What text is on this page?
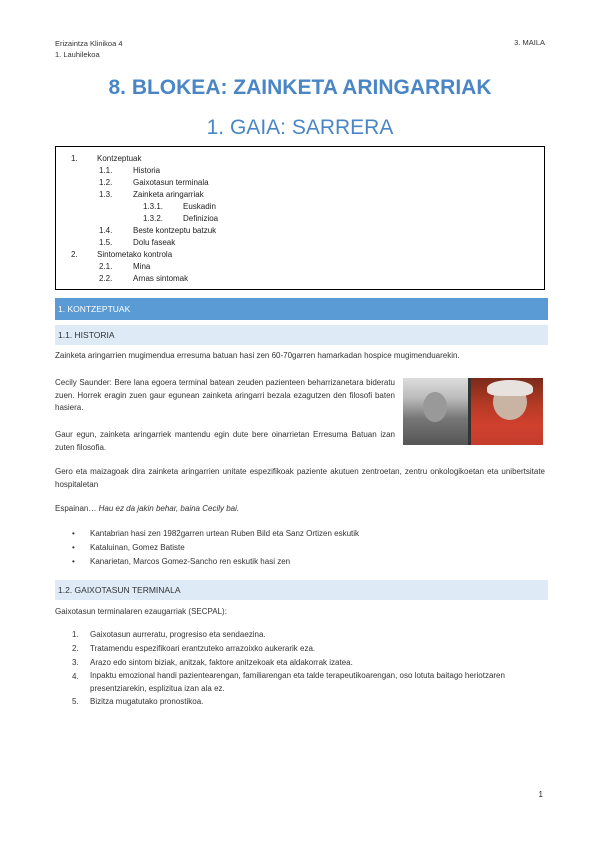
Erizaintza Klinikoa 4
1. Lauhilekoa
3. MAILA
8. BLOKEA: ZAINKETA ARINGARRIAK
1. GAIA: SARRERA
1. Kontzeptuak
1.1.	Historia
1.2.	Gaixotasun terminala
1.3.	Zainketa aringarriak
1.3.1. Euskadin
1.3.2. Definizioa
1.4.	Beste kontzeptu batzuk
1.5.	Dolu faseak
2. Sintometako kontrola
2.1.	Mina
2.2.	Arnas sintomak
1. KONTZEPTUAK
1.1. HISTORIA
Zainketa aringarrien mugimendua erresuma batuan hasi zen 60-70garren hamarkadan hospice mugimenduarekin.
Cecily Saunder: Bere lana egoera terminal batean zeuden pazienteen beharrizanetara bideratu zuen. Horrek eragin zuen gaur egunean zainketa aringarri bezala ezagutzen den filosofi baten hasiera.
Gaur egun, zainketa aringarriek mantendu egin dute bere oinarrietan Erresuma Batuan izan zuten filosofia.
Gero eta maizagoak dira zainketa aringarrien unitate espezifikoak paziente akutuen zentroetan, zentru onkologikoetan eta unibertsitate hospitaletan
Espainan… Hau ez da jakin behar, baina Cecily bai.
•	Kantabrian hasi zen 1982garren urtean Ruben Bild eta Sanz Ortizen eskutik
•	Kataluinan, Gomez Batiste
•	Kanarietan, Marcos Gomez-Sancho ren eskutik hasi zen
1.2. GAIXOTASUN TERMINALA
Gaixotasun terminalaren ezaugarriak (SECPAL):
1.	Gaixotasun aurreratu, progresiso eta sendaezina.
2.	Tratamendu espezifikoari erantzuteko arrazoixko aukerarik eza.
3.	Arazo edo sintom biziak, anitzak, faktore anitzekoak eta aldakorrak izatea.
4.	Inpaktu emozional handi pazientearengan, familiarengan eta talde terapeutikoarengan, oso lotuta baitago heriotzaren presentziarekin, esplizitua izan ala ez.
5.	Bizitza mugatutako pronostikoa.
1
